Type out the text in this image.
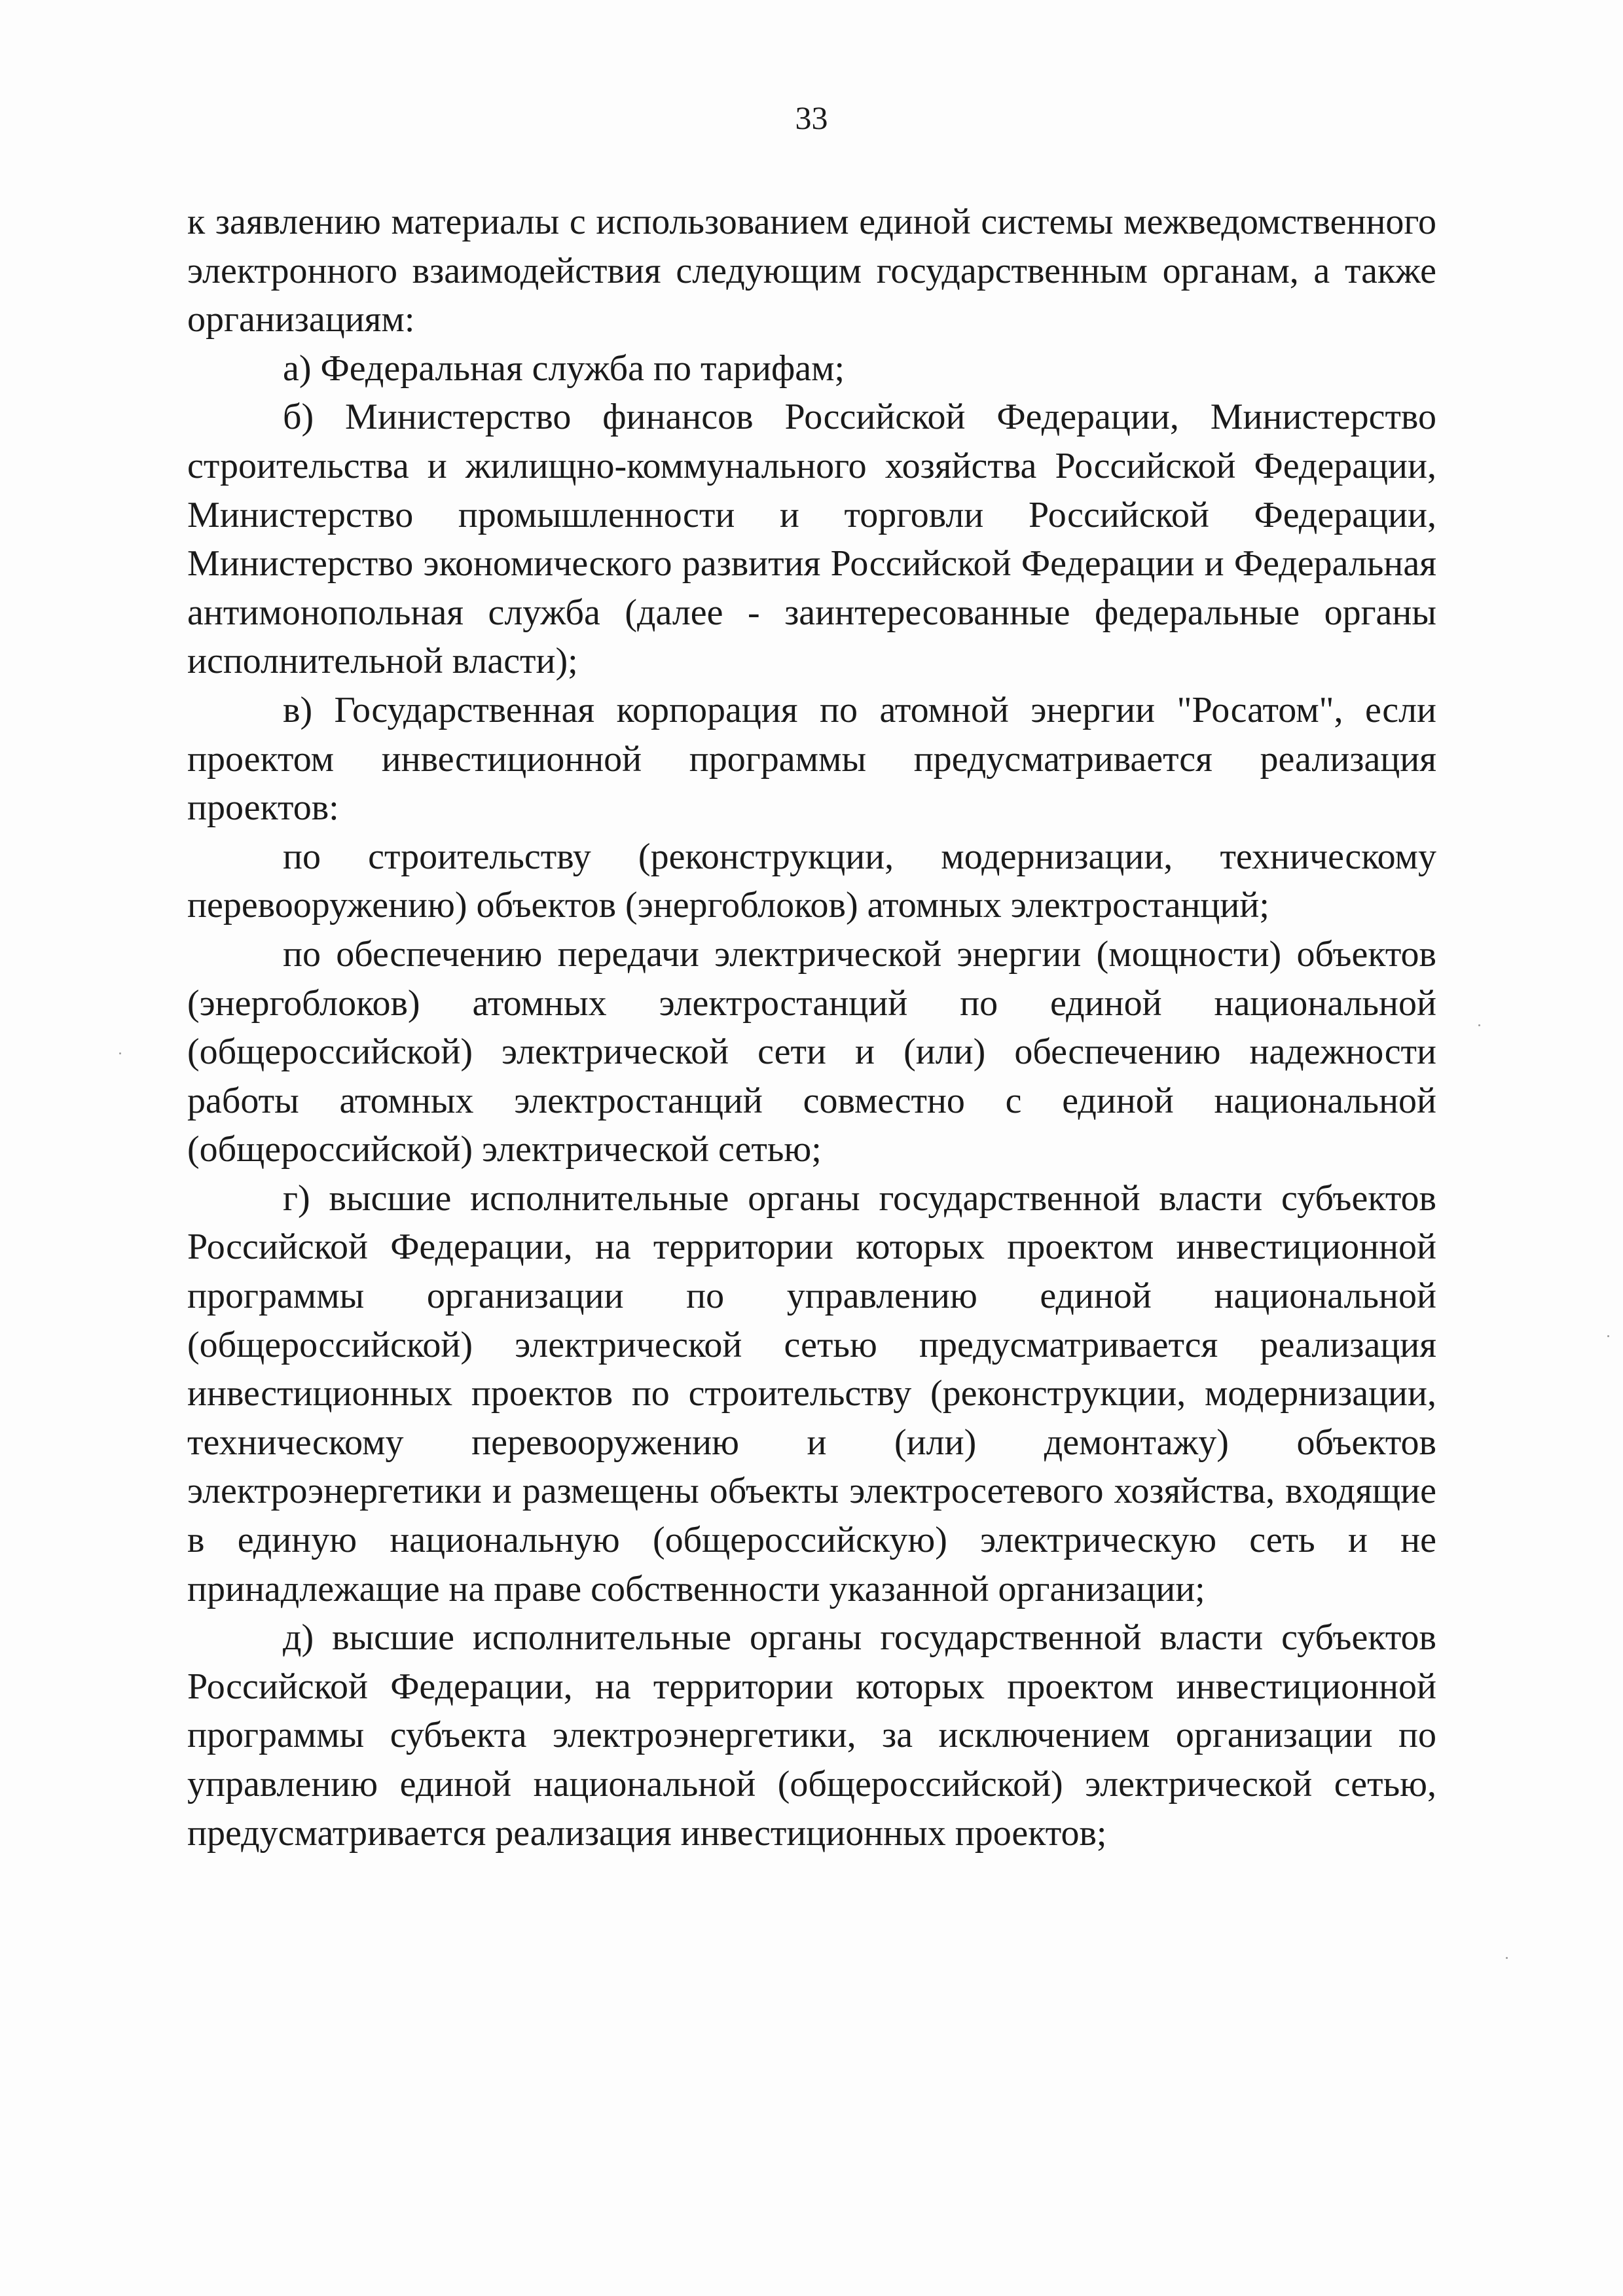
33

к заявлению материалы с использованием единой системы межведомственного электронного взаимодействия следующим государственным органам, а также организациям:

а) Федеральная служба по тарифам;

б) Министерство финансов Российской Федерации, Министерство строительства и жилищно-коммунального хозяйства Российской Федерации, Министерство промышленности и торговли Российской Федерации, Министерство экономического развития Российской Федерации и Федеральная антимонопольная служба (далее - заинтересованные федеральные органы исполнительной власти);

в) Государственная корпорация по атомной энергии "Росатом", если проектом инвестиционной программы предусматривается реализация проектов:

по строительству (реконструкции, модернизации, техническому перевооружению) объектов (энергоблоков) атомных электростанций;

по обеспечению передачи электрической энергии (мощности) объектов (энергоблоков) атомных электростанций по единой национальной (общероссийской) электрической сети и (или) обеспечению надежности работы атомных электростанций совместно с единой национальной (общероссийской) электрической сетью;

г) высшие исполнительные органы государственной власти субъектов Российской Федерации, на территории которых проектом инвестиционной программы организации по управлению единой национальной (общероссийской) электрической сетью предусматривается реализация инвестиционных проектов по строительству (реконструкции, модернизации, техническому перевооружению и (или) демонтажу) объектов электроэнергетики и размещены объекты электросетевого хозяйства, входящие в единую национальную (общероссийскую) электрическую сеть и не принадлежащие на праве собственности указанной организации;

д) высшие исполнительные органы государственной власти субъектов Российской Федерации, на территории которых проектом инвестиционной программы субъекта электроэнергетики, за исключением организации по управлению единой национальной (общероссийской) электрической сетью, предусматривается реализация инвестиционных проектов;
